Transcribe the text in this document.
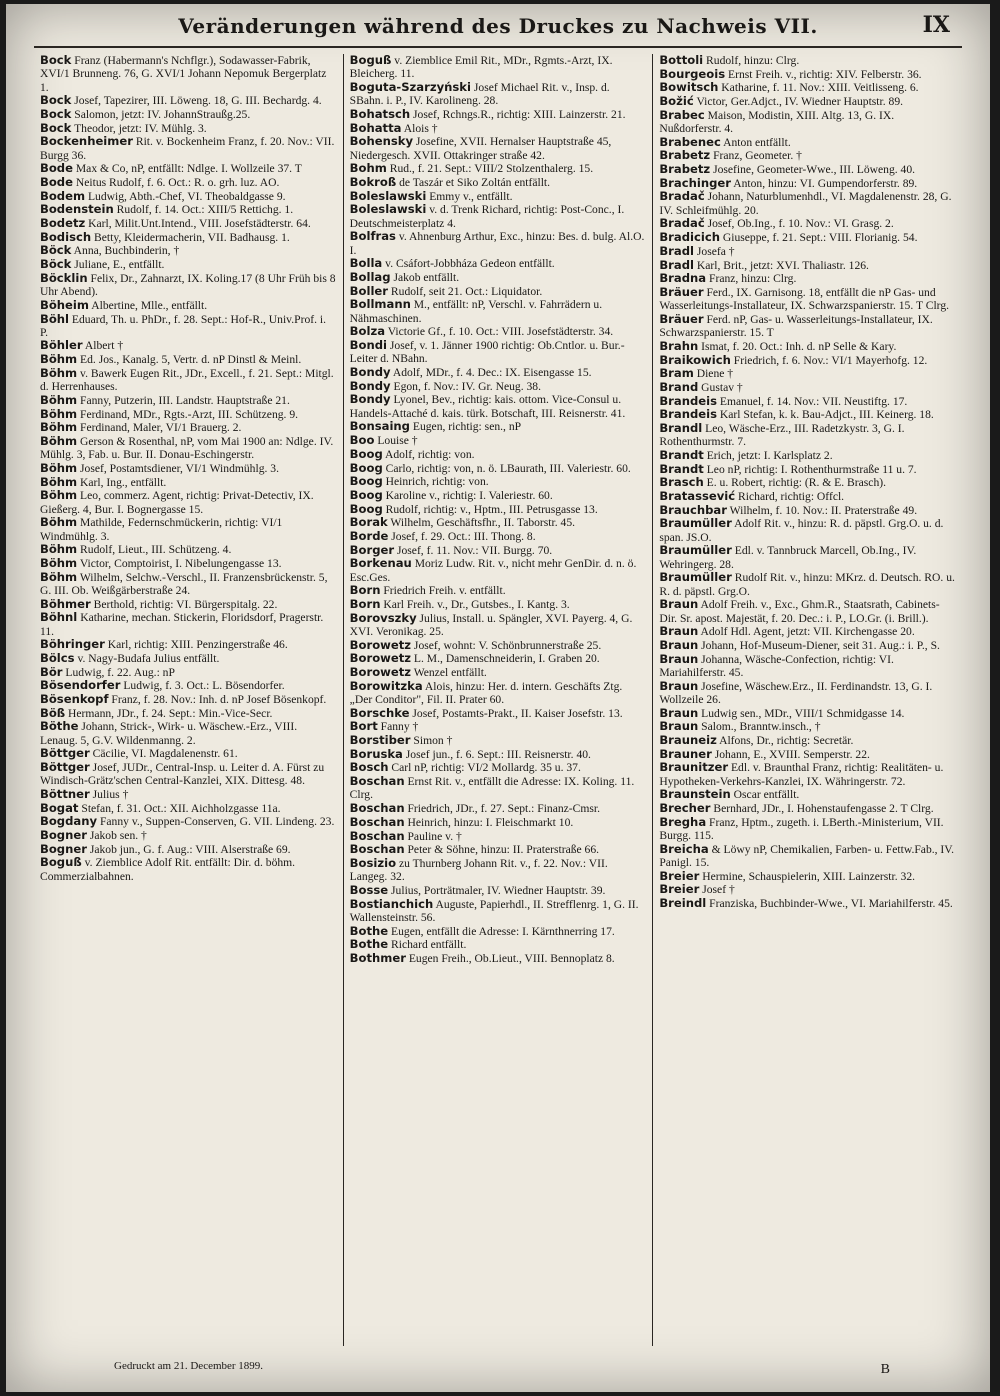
Veränderungen während des Druckes zu Nachweis VII.	IX
Bock Franz (Habermann's Nchflgr.), Sodawasser-Fabrik, XVI/1 Brunneng. 76, G. XVI/1 Johann Nepomuk Bergerplatz 1.
Bock Josef, Tapezirer, III. Löweng. 18, G. III. Bechardg. 4.
Bock Salomon, jetzt: IV. JohannStraußg.25.
Bock Theodor, jetzt: IV. Mühlg. 3.
Bockenheimer Rit. v. Bockenheim Franz, f. 20. Nov.: VII. Burgg 36.
Bode Max & Co, nP, entfällt: Ndlge. I. Wollzeile 37. T
Bode Neitus Rudolf, f. 6. Oct.: R. o. grh. luz. AO.
Bodem Ludwig, Abth.-Chef, VI. Theobaldgasse 9.
Bodenstein Rudolf, f. 14. Oct.: XIII/5 Rettichg. 1.
Bodetz Karl, Milit.Unt.Intend., VIII. Josefstädterstr. 64.
Bodisch Betty, Kleidermacherin, VII. Badhausg. 1.
Böck Anna, Buchbinderin, †
Böck Juliane, E., entfällt.
Böcklin Felix, Dr., Zahnarzt, IX. Koling.17 (8 Uhr Früh bis 8 Uhr Abend).
Böheim Albertine, Mlle., entfällt.
Böhl Eduard, Th. u. PhDr., f. 28. Sept.: Hof-R., Univ.Prof. i. P.
Böhler Albert †
Böhm Ed. Jos., Kanalg. 5, Vertr. d. nP Dinstl & Meinl.
Böhm v. Bawerk Eugen Rit., JDr., Excell., f. 21. Sept.: Mitgl. d. Herrenhauses.
Böhm Fanny, Putzerin, III. Landstr. Hauptstraße 21.
Böhm Ferdinand, MDr., Rgts.-Arzt, III. Schützeng. 9.
Böhm Ferdinand, Maler, VI/1 Brauerg. 2.
Böhm Gerson & Rosenthal, nP, vom Mai 1900 an: Ndlge. IV. Mühlg. 3, Fab. u. Bur. II. Donau-Eschingerstr.
Böhm Josef, Postamtsdiener, VI/1 Windmühlg. 3.
Böhm Karl, Ing., entfällt.
Böhm Leo, commerz. Agent, richtig: Privat-Detectiv, IX. Gießerg. 4, Bur. I. Bognergasse 15.
Böhm Mathilde, Federnschmückerin, richtig: VI/1 Windmühlg. 3.
Böhm Rudolf, Lieut., III. Schützeng. 4.
Böhm Victor, Comptoirist, I. Nibelungengasse 13.
Böhm Wilhelm, Selchw.-Verschl., II. Franzensbrückenstr. 5, G. III. Ob. Weißgärberstraße 24.
Böhmer Berthold, richtig: VI. Bürgerspitalg. 22.
Böhnl Katharine, mechan. Stickerin, Floridsdorf, Pragerstr. 11.
Böhringer Karl, richtig: XIII. Penzingerstraße 46.
Bölcs v. Nagy-Budafa Julius entfällt.
Bör Ludwig, f. 22. Aug.: nP
Bösendorfer Ludwig, f. 3. Oct.: L. Bösendorfer.
Bösenkopf Franz, f. 28. Nov.: Inh. d. nP Josef Bösenkopf.
Böß Hermann, JDr., f. 24. Sept.: Min.-Vice-Secr.
Böthe Johann, Strick-, Wirk- u. Wäschew.-Erz., VIII. Lenaug. 5, G.V. Wildenmanng. 2.
Böttger Cäcilie, VI. Magdalenenstr. 61.
Böttger Josef, JUDr., Central-Insp. u. Leiter d. A. Fürst zu Windisch-Grätz'schen Central-Kanzlei, XIX. Dittesg. 48.
Böttner Julius †
Bogat Stefan, f. 31. Oct.: XII. Aichholzgasse 11a.
Bogdany Fanny v., Suppen-Conserven, G. VII. Lindeng. 23.
Bogner Jakob sen. †
Bogner Jakob jun., G. f. Aug.: VIII. Alserstraße 69.
Boguß v. Ziemblice Adolf Rit. entfällt: Dir. d. böhm. Commerzialbahnen.
Boguß v. Ziemblice Emil Rit., MDr., Rgmts.-Arzt, IX. Bleicherg. 11.
Boguta-Szarzyński Josef Michael Rit. v., Insp. d. SBahn. i. P., IV. Karolineng. 28.
Bohatsch Josef, Rchngs.R., richtig: XIII. Lainzerstr. 21.
Bohatta Alois †
Bohensky Josefine, XVII. Hernalser Hauptstraße 45, Niedergesch. XVII. Ottakringer straße 42.
Bohm Rud., f. 21. Sept.: VIII/2 Stolzenthalerg. 15.
Bokroß de Taszár et Siko Zoltán entfällt.
Boleslawski Emmy v., entfällt.
Boleslawski v. d. Trenk Richard, richtig: Post-Conc., I. Deutschmeisterplatz 4.
Bolfras v. Ahnenburg Arthur, Exc., hinzu: Bes. d. bulg. Al.O. I.
Bolla v. Csáfort-Jobbháza Gedeon entfällt.
Bollag Jakob entfällt.
Boller Rudolf, seit 21. Oct.: Liquidator.
Bollmann M., entfällt: nP, Verschl. v. Fahrrädern u. Nähmaschinen.
Bolza Victorie Gf., f. 10. Oct.: VIII. Josefstädterstr. 34.
Bondi Josef, v. 1. Jänner 1900 richtig: Ob.Cntlor. u. Bur.-Leiter d. NBahn.
Bondy Adolf, MDr., f. 4. Dec.: IX. Eisengasse 15.
Bondy Egon, f. Nov.: IV. Gr. Neug. 38.
Bondy Lyonel, Bev., richtig: kais. ottom. Vice-Consul u. Handels-Attaché d. kais. türk. Botschaft, III. Reisnerstr. 41.
Bonsaing Eugen, richtig: sen., nP
Boo Louise †
Boog Adolf, richtig: von.
Boog Carlo, richtig: von, n. ö. LBaurath, III. Valeriestr. 60.
Boog Heinrich, richtig: von.
Boog Karoline v., richtig: I. Valeriestr. 60.
Boog Rudolf, richtig: v., Hptm., III. Petrusgasse 13.
Borak Wilhelm, Geschäftsfhr., II. Taborstr. 45.
Borde Josef, f. 29. Oct.: III. Thong. 8.
Borger Josef, f. 11. Nov.: VII. Burgg. 70.
Borkenau Moriz Ludw. Rit. v., nicht mehr GenDir. d. n. ö. Esc.Ges.
Born Friedrich Freih. v. entfällt.
Born Karl Freih. v., Dr., Gutsbes., I. Kantg. 3.
Borovszky Julius, Install. u. Spängler, XVI. Payerg. 4, G. XVI. Veronikag. 25.
Borowetz Josef, wohnt: V. Schönbrunnerstraße 25.
Borowetz L. M., Damenschneiderin, I. Graben 20.
Borowetz Wenzel entfällt.
Borowitzka Alois, hinzu: Her. d. intern. Geschäfts Ztg. „Der Conditor", Fil. II. Prater 60.
Borschke Josef, Postamts-Prakt., II. Kaiser Josefstr. 13.
Bort Fanny †
Borstiber Simon †
Boruska Josef jun., f. 6. Sept.: III. Reisnerstr. 40.
Bosch Carl nP, richtig: VI/2 Mollardg. 35 u. 37.
Boschan Ernst Rit. v., entfällt die Adresse: IX. Koling. 11. Clrg.
Boschan Friedrich, JDr., f. 27. Sept.: Finanz-Cmsr.
Boschan Heinrich, hinzu: I. Fleischmarkt 10.
Boschan Pauline v. †
Boschan Peter & Söhne, hinzu: II. Praterstraße 66.
Bosizio zu Thurnberg Johann Rit. v., f. 22. Nov.: VII. Langeg. 32.
Bosse Julius, Porträtmaler, IV. Wiedner Hauptstr. 39.
Bostianchich Auguste, Papierhdl., II. Strefflenrg. 1, G. II. Wallensteinstr. 56.
Bothe Eugen, entfällt die Adresse: I. Kärnthnerring 17.
Bothe Richard entfällt.
Bothmer Eugen Freih., Ob.Lieut., VIII. Bennoplatz 8.
Bottoli Rudolf, hinzu: Clrg.
Bourgeois Ernst Freih. v., richtig: XIV. Felberstr. 36.
Bowitsch Katharine, f. 11. Nov.: XIII. Veitlisseng. 6.
Božić Victor, Ger.Adjct., IV. Wiedner Hauptstr. 89.
Brabec Maison, Modistin, XIII. Altg. 13, G. IX. Nußdorferstr. 4.
Brabenec Anton entfällt.
Brabetz Franz, Geometer. †
Brabetz Josefine, Geometer-Wwe., III. Löweng. 40.
Brachinger Anton, hinzu: VI. Gumpendorferstr. 89.
Bradač Johann, Naturblumenhdl., VI. Magdalenenstr. 28, G. IV. Schleifmühlg. 20.
Bradač Josef, Ob.Ing., f. 10. Nov.: VI. Grasg. 2.
Bradicich Giuseppe, f. 21. Sept.: VIII. Florianig. 54.
Bradl Josefa †
Bradl Karl, Brit., jetzt: XVI. Thaliastr. 126.
Bradna Franz, hinzu: Clrg.
Bräuer Ferd., IX. Garnisong. 18, entfällt die nP Gas- und Wasserleitungs-Installateur, IX. Schwarzspanierstr. 15. T Clrg.
Bräuer Ferd. nP, Gas- u. Wasserleitungs-Installateur, IX. Schwarzspanierstr. 15. T
Brahn Ismat, f. 20. Oct.: Inh. d. nP Selle & Kary.
Braikowich Friedrich, f. 6. Nov.: VI/1 Mayerhofg. 12.
Bram Diene †
Brand Gustav †
Brandeis Emanuel, f. 14. Nov.: VII. Neustiftg. 17.
Brandeis Karl Stefan, k. k. Bau-Adjct., III. Keinerg. 18.
Brandl Leo, Wäsche-Erz., III. Radetzkystr. 3, G. I. Rothenthurmstr. 7.
Brandt Erich, jetzt: I. Karlsplatz 2.
Brandt Leo nP, richtig: I. Rothenthurmstraße 11 u. 7.
Brasch E. u. Robert, richtig: (R. & E. Brasch).
Bratassević Richard, richtig: Offcl.
Brauchbar Wilhelm, f. 10. Nov.: II. Praterstraße 49.
Braumüller Adolf Rit. v., hinzu: R. d. päpstl. Grg.O. u. d. span. JS.O.
Braumüller Edl. v. Tannbruck Marcell, Ob.Ing., IV. Wehringerg. 28.
Braumüller Rudolf Rit. v., hinzu: MKrz. d. Deutsch. RO. u. R. d. päpstl. Grg.O.
Braun Adolf Freih. v., Exc., Ghm.R., Staatsrath, Cabinets-Dir. Sr. apost. Majestät, f. 20. Dec.: i. P., LO.Gr. (i. Brill.).
Braun Adolf Hdl. Agent, jetzt: VII. Kirchengasse 20.
Braun Johann, Hof-Museum-Diener, seit 31. Aug.: i. P., S.
Braun Johanna, Wäsche-Confection, richtig: VI. Mariahilferstr. 45.
Braun Josefine, Wäschew.Erz., II. Ferdinandstr. 13, G. I. Wollzeile 26.
Braun Ludwig sen., MDr., VIII/1 Schmidgasse 14.
Braun Salom., Branntw.insch., †
Brauneiz Alfons, Dr., richtig: Secretär.
Brauner Johann, E., XVIII. Semperstr. 22.
Braunitzer Edl. v. Braunthal Franz, richtig: Realitäten- u. Hypotheken-Verkehrs-Kanzlei, IX. Währingerstr. 72.
Braunstein Oscar entfällt.
Brecher Bernhard, JDr., I. Hohenstaufengasse 2. T Clrg.
Bregha Franz, Hptm., zugeth. i. LBerth.-Ministerium, VII. Burgg. 115.
Breicha & Löwy nP, Chemikalien, Farben- u. Fettw.Fab., IV. Panigl. 15.
Breier Hermine, Schauspielerin, XIII. Lainzerstr. 32.
Breier Josef †
Breindl Franziska, Buchbinder-Wwe., VI. Mariahilferstr. 45.
Gedruckt am 21. December 1899.	B
